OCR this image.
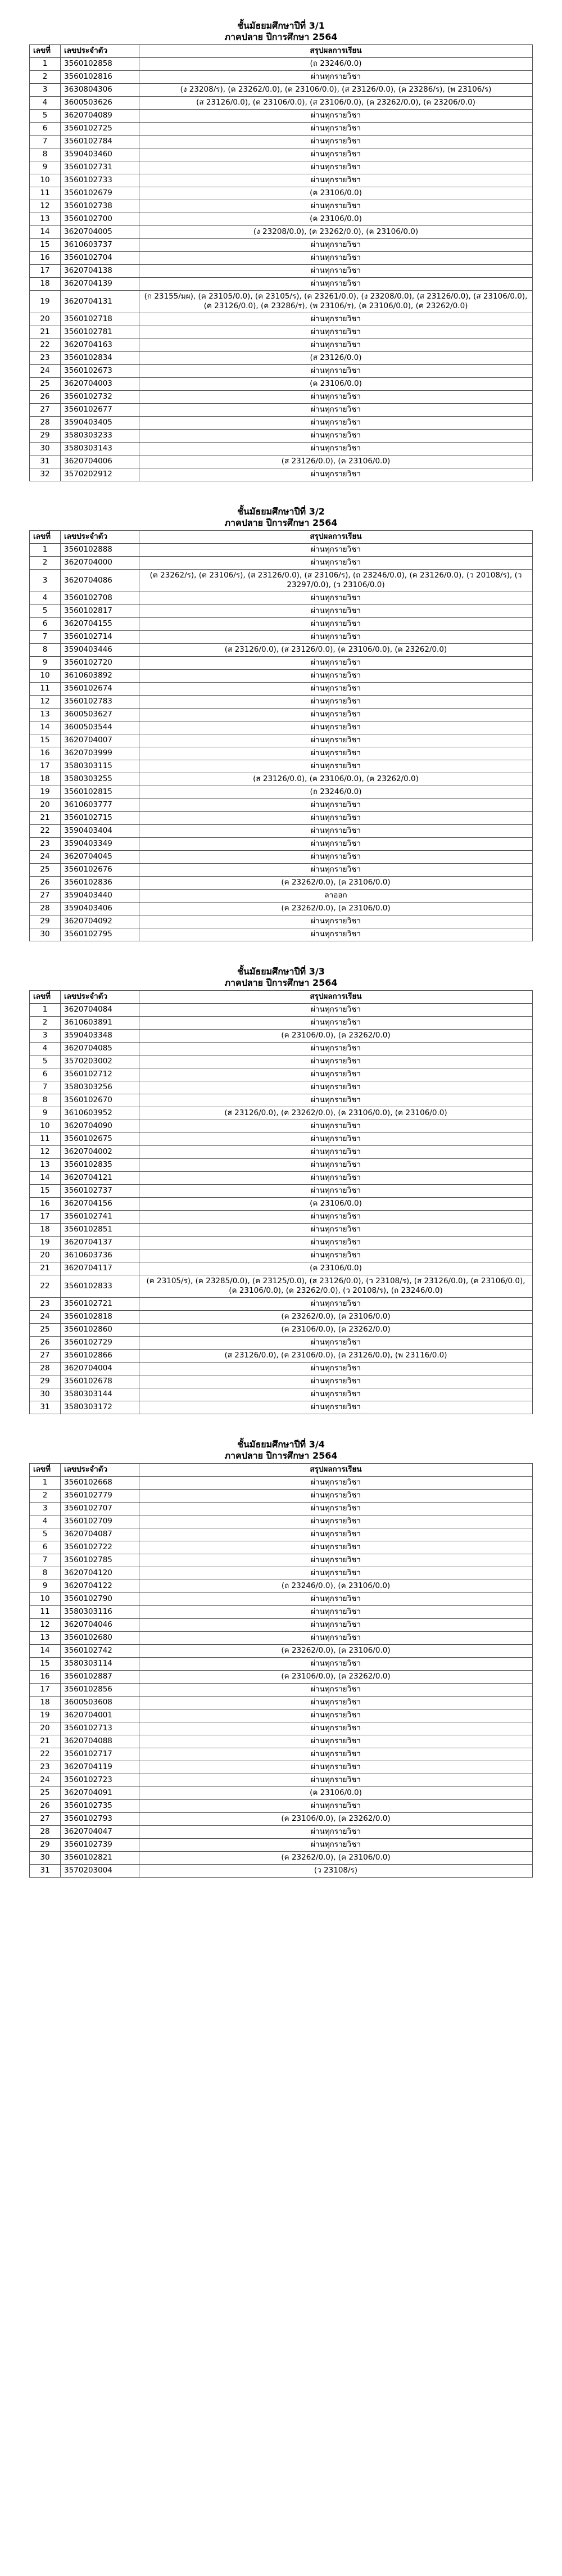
ชั้นมัธยมศึกษาปีที่ 3/1
ภาคปลาย ปีการศึกษา 2564
เลขที่	เลขประจำตัว	สรุปผลการเรียน
1	3560102858	(ถ 23246/0.0)
2	3560102816	ผ่านทุกรายวิชา
3	3630804306	(ง 23208/ร), (ค 23262/0.0), (ค 23106/0.0), (ส 23126/0.0), (ค 23286/ร), (พ 23106/ร)
4	3600503626	(ส 23126/0.0), (ค 23106/0.0), (ส 23106/0.0), (ค 23262/0.0), (ค 23206/0.0)
5	3620704089	ผ่านทุกรายวิชา
6	3560102725	ผ่านทุกรายวิชา
7	3560102784	ผ่านทุกรายวิชา
8	3590403460	ผ่านทุกรายวิชา
9	3560102731	ผ่านทุกรายวิชา
10	3560102733	ผ่านทุกรายวิชา
11	3560102679	(ค 23106/0.0)
12	3560102738	ผ่านทุกรายวิชา
13	3560102700	(ค 23106/0.0)
14	3620704005	(ง 23208/0.0), (ค 23262/0.0), (ค 23106/0.0)
15	3610603737	ผ่านทุกรายวิชา
16	3560102704	ผ่านทุกรายวิชา
17	3620704138	ผ่านทุกรายวิชา
18	3620704139	ผ่านทุกรายวิชา
19	3620704131	(ก 23155/มผ), (ค 23105/0.0), (ค 23105/ร), (ค 23261/0.0), (ง 23208/0.0), (ส 23126/0.0), (ส 23106/0.0), (ค 23126/0.0), (ค 23286/ร), (พ 23106/ร), (ค 23106/0.0), (ค 23262/0.0)
20	3560102718	ผ่านทุกรายวิชา
21	3560102781	ผ่านทุกรายวิชา
22	3620704163	ผ่านทุกรายวิชา
23	3560102834	(ส 23126/0.0)
24	3560102673	ผ่านทุกรายวิชา
25	3620704003	(ค 23106/0.0)
26	3560102732	ผ่านทุกรายวิชา
27	3560102677	ผ่านทุกรายวิชา
28	3590403405	ผ่านทุกรายวิชา
29	3580303233	ผ่านทุกรายวิชา
30	3580303143	ผ่านทุกรายวิชา
31	3620704006	(ส 23126/0.0), (ค 23106/0.0)
32	3570202912	ผ่านทุกรายวิชา
ชั้นมัธยมศึกษาปีที่ 3/2
ภาคปลาย ปีการศึกษา 2564
เลขที่	เลขประจำตัว	สรุปผลการเรียน
1	3560102888	ผ่านทุกรายวิชา
2	3620704000	ผ่านทุกรายวิชา
3	3620704086	(ค 23262/ร), (ค 23106/ร), (ส 23126/0.0), (ส 23106/ร), (ถ 23246/0.0), (ค 23126/0.0), (ว 20108/ร), (ว 23297/0.0), (ว 23106/0.0)
4	3560102708	ผ่านทุกรายวิชา
5	3560102817	ผ่านทุกรายวิชา
6	3620704155	ผ่านทุกรายวิชา
7	3560102714	ผ่านทุกรายวิชา
8	3590403446	(ส 23126/0.0), (ส 23126/0.0), (ค 23106/0.0), (ค 23262/0.0)
9	3560102720	ผ่านทุกรายวิชา
10	3610603892	ผ่านทุกรายวิชา
11	3560102674	ผ่านทุกรายวิชา
12	3560102783	ผ่านทุกรายวิชา
13	3600503627	ผ่านทุกรายวิชา
14	3600503544	ผ่านทุกรายวิชา
15	3620704007	ผ่านทุกรายวิชา
16	3620703999	ผ่านทุกรายวิชา
17	3580303115	ผ่านทุกรายวิชา
18	3580303255	(ส 23126/0.0), (ค 23106/0.0), (ค 23262/0.0)
19	3560102815	(ถ 23246/0.0)
20	3610603777	ผ่านทุกรายวิชา
21	3560102715	ผ่านทุกรายวิชา
22	3590403404	ผ่านทุกรายวิชา
23	3590403349	ผ่านทุกรายวิชา
24	3620704045	ผ่านทุกรายวิชา
25	3560102676	ผ่านทุกรายวิชา
26	3560102836	(ค 23262/0.0), (ค 23106/0.0)
27	3590403440	ลาออก
28	3590403406	(ค 23262/0.0), (ค 23106/0.0)
29	3620704092	ผ่านทุกรายวิชา
30	3560102795	ผ่านทุกรายวิชา
ชั้นมัธยมศึกษาปีที่ 3/3
ภาคปลาย ปีการศึกษา 2564
เลขที่	เลขประจำตัว	สรุปผลการเรียน
1	3620704084	ผ่านทุกรายวิชา
2	3610603891	ผ่านทุกรายวิชา
3	3590403348	(ค 23106/0.0), (ค 23262/0.0)
4	3620704085	ผ่านทุกรายวิชา
5	3570203002	ผ่านทุกรายวิชา
6	3560102712	ผ่านทุกรายวิชา
7	3580303256	ผ่านทุกรายวิชา
8	3560102670	ผ่านทุกรายวิชา
9	3610603952	(ส 23126/0.0), (ค 23262/0.0), (ค 23106/0.0), (ค 23106/0.0)
10	3620704090	ผ่านทุกรายวิชา
11	3560102675	ผ่านทุกรายวิชา
12	3620704002	ผ่านทุกรายวิชา
13	3560102835	ผ่านทุกรายวิชา
14	3620704121	ผ่านทุกรายวิชา
15	3560102737	ผ่านทุกรายวิชา
16	3620704156	(ค 23106/0.0)
17	3560102741	ผ่านทุกรายวิชา
18	3560102851	ผ่านทุกรายวิชา
19	3620704137	ผ่านทุกรายวิชา
20	3610603736	ผ่านทุกรายวิชา
21	3620704117	(ค 23106/0.0)
22	3560102833	(ค 23105/ร), (ค 23285/0.0), (ค 23125/0.0), (ส 23126/0.0), (ว 23108/ร), (ส 23126/0.0), (ค 23106/0.0), (ค 23106/0.0), (ค 23262/0.0), (ว 20108/ร), (ถ 23246/0.0)
23	3560102721	ผ่านทุกรายวิชา
24	3560102818	(ค 23262/0.0), (ค 23106/0.0)
25	3560102860	(ค 23106/0.0), (ค 23262/0.0)
26	3560102729	ผ่านทุกรายวิชา
27	3560102866	(ส 23126/0.0), (ค 23106/0.0), (ค 23126/0.0), (พ 23116/0.0)
28	3620704004	ผ่านทุกรายวิชา
29	3560102678	ผ่านทุกรายวิชา
30	3580303144	ผ่านทุกรายวิชา
31	3580303172	ผ่านทุกรายวิชา
ชั้นมัธยมศึกษาปีที่ 3/4
ภาคปลาย ปีการศึกษา 2564
เลขที่	เลขประจำตัว	สรุปผลการเรียน
1	3560102668	ผ่านทุกรายวิชา
2	3560102779	ผ่านทุกรายวิชา
3	3560102707	ผ่านทุกรายวิชา
4	3560102709	ผ่านทุกรายวิชา
5	3620704087	ผ่านทุกรายวิชา
6	3560102722	ผ่านทุกรายวิชา
7	3560102785	ผ่านทุกรายวิชา
8	3620704120	ผ่านทุกรายวิชา
9	3620704122	(ถ 23246/0.0), (ค 23106/0.0)
10	3560102790	ผ่านทุกรายวิชา
11	3580303116	ผ่านทุกรายวิชา
12	3620704046	ผ่านทุกรายวิชา
13	3560102680	ผ่านทุกรายวิชา
14	3560102742	(ค 23262/0.0), (ค 23106/0.0)
15	3580303114	ผ่านทุกรายวิชา
16	3560102887	(ค 23106/0.0), (ค 23262/0.0)
17	3560102856	ผ่านทุกรายวิชา
18	3600503608	ผ่านทุกรายวิชา
19	3620704001	ผ่านทุกรายวิชา
20	3560102713	ผ่านทุกรายวิชา
21	3620704088	ผ่านทุกรายวิชา
22	3560102717	ผ่านทุกรายวิชา
23	3620704119	ผ่านทุกรายวิชา
24	3560102723	ผ่านทุกรายวิชา
25	3620704091	(ค 23106/0.0)
26	3560102735	ผ่านทุกรายวิชา
27	3560102793	(ค 23106/0.0), (ค 23262/0.0)
28	3620704047	ผ่านทุกรายวิชา
29	3560102739	ผ่านทุกรายวิชา
30	3560102821	(ค 23262/0.0), (ค 23106/0.0)
31	3570203004	(ว 23108/ร)
